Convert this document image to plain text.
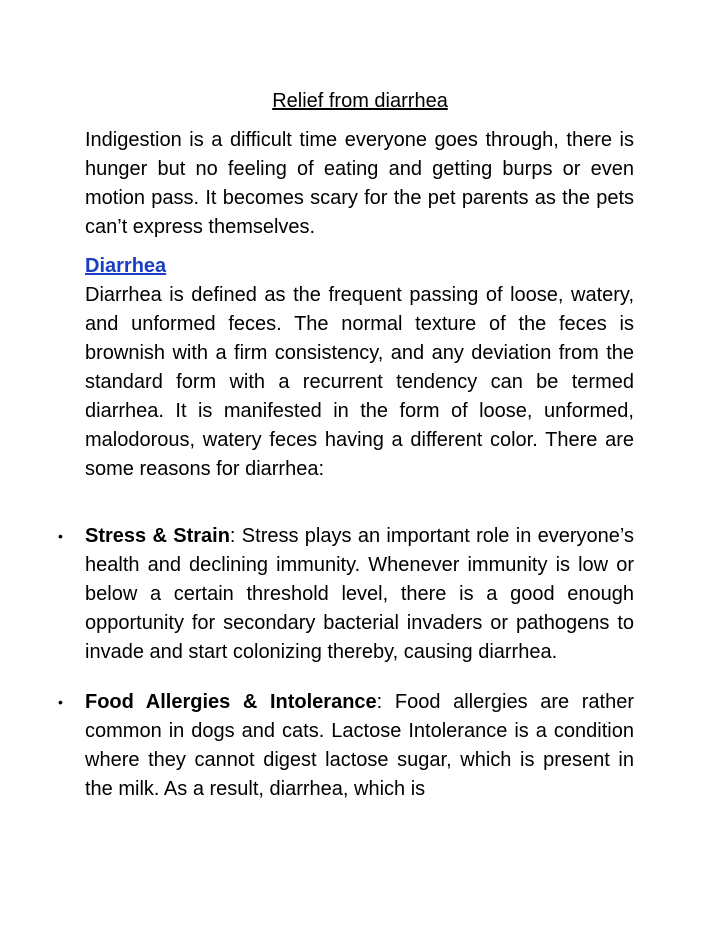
Relief from diarrhea

Indigestion is a difficult time everyone goes through, there is hunger but no feeling of eating and getting burps or even motion pass. It becomes scary for the pet parents as the pets can’t express themselves.

Diarrhea
Diarrhea is defined as the frequent passing of loose, watery, and unformed feces. The normal texture of the feces is brownish with a firm consistency, and any deviation from the standard form with a recurrent tendency can be termed diarrhea. It is manifested in the form of loose, unformed, malodorous, watery feces having a different color. There are some reasons for diarrhea:
• Stress & Strain: Stress plays an important role in everyone’s health and declining immunity. Whenever immunity is low or below a certain threshold level, there is a good enough opportunity for secondary bacterial invaders or pathogens to invade and start colonizing thereby, causing diarrhea.
• Food Allergies & Intolerance: Food allergies are rather common in dogs and cats. Lactose Intolerance is a condition where they cannot digest lactose sugar, which is present in the milk. As a result, diarrhea, which is
